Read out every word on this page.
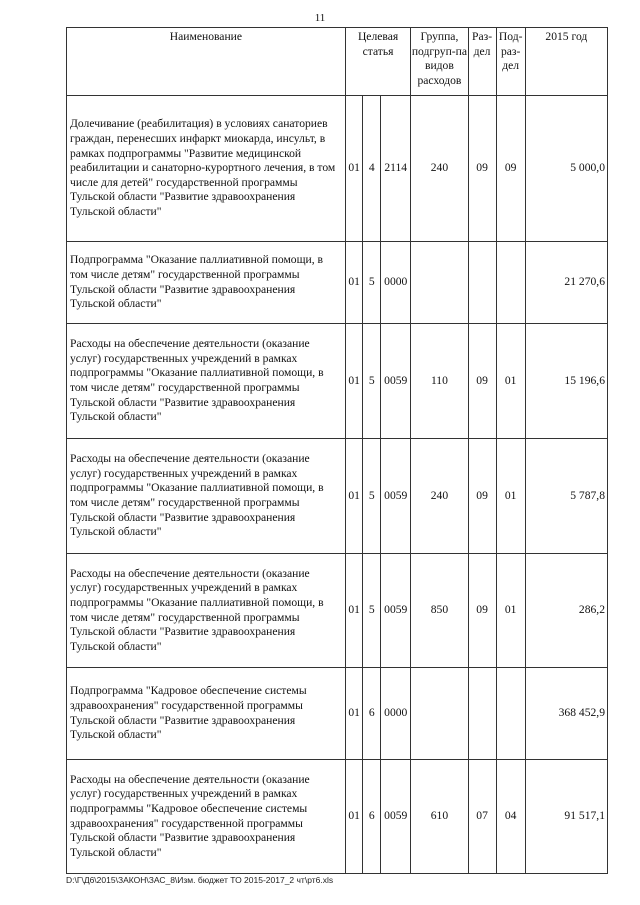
11
Наименование	Целевая статья			Группа, подгруп-па видов расходов	Раз-дел	Под-раз-дел	2015 год
Долечивание (реабилитация) в условиях санаториев граждан, перенесших инфаркт миокарда, инсульт, в рамках подпрограммы "Развитие медицинской реабилитации и санаторно-курортного лечения, в том числе для детей" государственной программы Тульской области "Развитие здравоохранения Тульской области"	01	4	2114	240	09	09	5 000,0
Подпрограмма "Оказание паллиативной помощи, в том числе детям" государственной программы Тульской области "Развитие здравоохранения Тульской области"	01	5	0000				21 270,6
Расходы на обеспечение деятельности (оказание услуг) государственных учреждений в рамках подпрограммы "Оказание паллиативной помощи, в том числе детям" государственной программы Тульской области "Развитие здравоохранения Тульской области"	01	5	0059	110	09	01	15 196,6
Расходы на обеспечение деятельности (оказание услуг) государственных учреждений в рамках подпрограммы "Оказание паллиативной помощи, в том числе детям" государственной программы Тульской области "Развитие здравоохранения Тульской области"	01	5	0059	240	09	01	5 787,8
Расходы на обеспечение деятельности (оказание услуг) государственных учреждений в рамках подпрограммы "Оказание паллиативной помощи, в том числе детям" государственной программы Тульской области "Развитие здравоохранения Тульской области"	01	5	0059	850	09	01	286,2
Подпрограмма "Кадровое обеспечение системы здравоохранения" государственной программы Тульской области "Развитие здравоохранения Тульской области"	01	6	0000				368 452,9
Расходы на обеспечение деятельности (оказание услуг) государственных учреждений в рамках подпрограммы "Кадровое обеспечение системы здравоохранения" государственной программы Тульской области "Развитие здравоохранения Тульской области"	01	6	0059	610	07	04	91 517,1
D:\Г\Д6\2015\ЗАКОН\ЗАС_8\Изм. бюджет ТО 2015-2017_2 чт\рт6.xls
